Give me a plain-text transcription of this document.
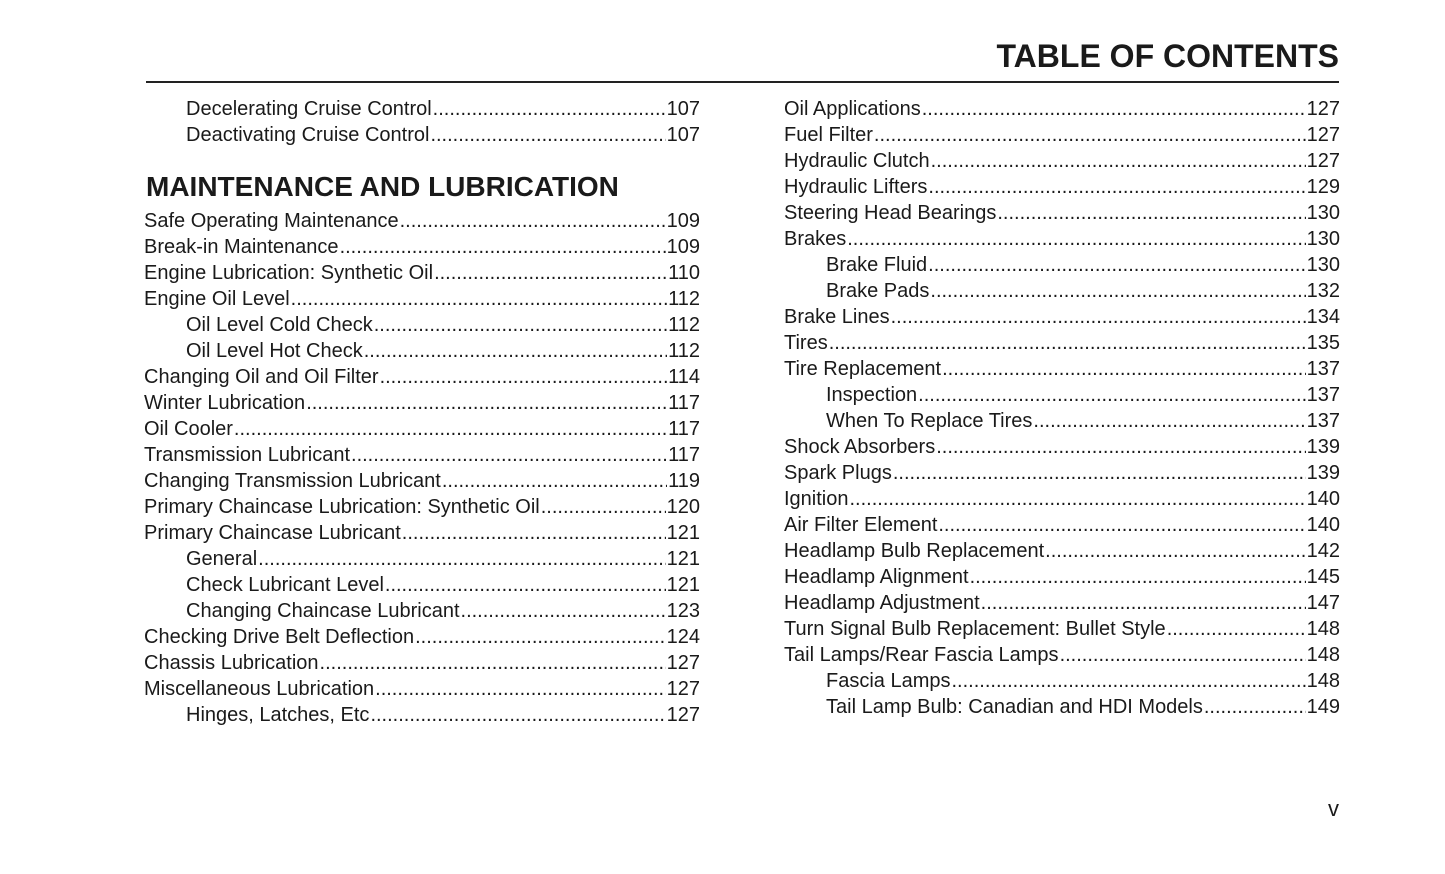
TABLE OF CONTENTS
Decelerating Cruise Control .....	107
Deactivating Cruise Control .....	107
MAINTENANCE AND LUBRICATION
Safe Operating Maintenance .....	109
Break-in Maintenance .....	109
Engine Lubrication: Synthetic Oil .....	110
Engine Oil Level .....	112
Oil Level Cold Check .....	112
Oil Level Hot Check .....	112
Changing Oil and Oil Filter .....	114
Winter Lubrication .....	117
Oil Cooler .....	117
Transmission Lubricant .....	117
Changing Transmission Lubricant .....	119
Primary Chaincase Lubrication: Synthetic Oil .....	120
Primary Chaincase Lubricant .....	121
General .....	121
Check Lubricant Level .....	121
Changing Chaincase Lubricant .....	123
Checking Drive Belt Deflection .....	124
Chassis Lubrication .....	127
Miscellaneous Lubrication .....	127
Hinges, Latches, Etc .....	127
Oil Applications .....	127
Fuel Filter .....	127
Hydraulic Clutch .....	127
Hydraulic Lifters .....	129
Steering Head Bearings .....	130
Brakes .....	130
Brake Fluid .....	130
Brake Pads .....	132
Brake Lines .....	134
Tires .....	135
Tire Replacement .....	137
Inspection .....	137
When To Replace Tires .....	137
Shock Absorbers .....	139
Spark Plugs .....	139
Ignition .....	140
Air Filter Element .....	140
Headlamp Bulb Replacement .....	142
Headlamp Alignment .....	145
Headlamp Adjustment .....	147
Turn Signal Bulb Replacement: Bullet Style .....	148
Tail Lamps/Rear Fascia Lamps .....	148
Fascia Lamps .....	148
Tail Lamp Bulb: Canadian and HDI Models .....	149
v
